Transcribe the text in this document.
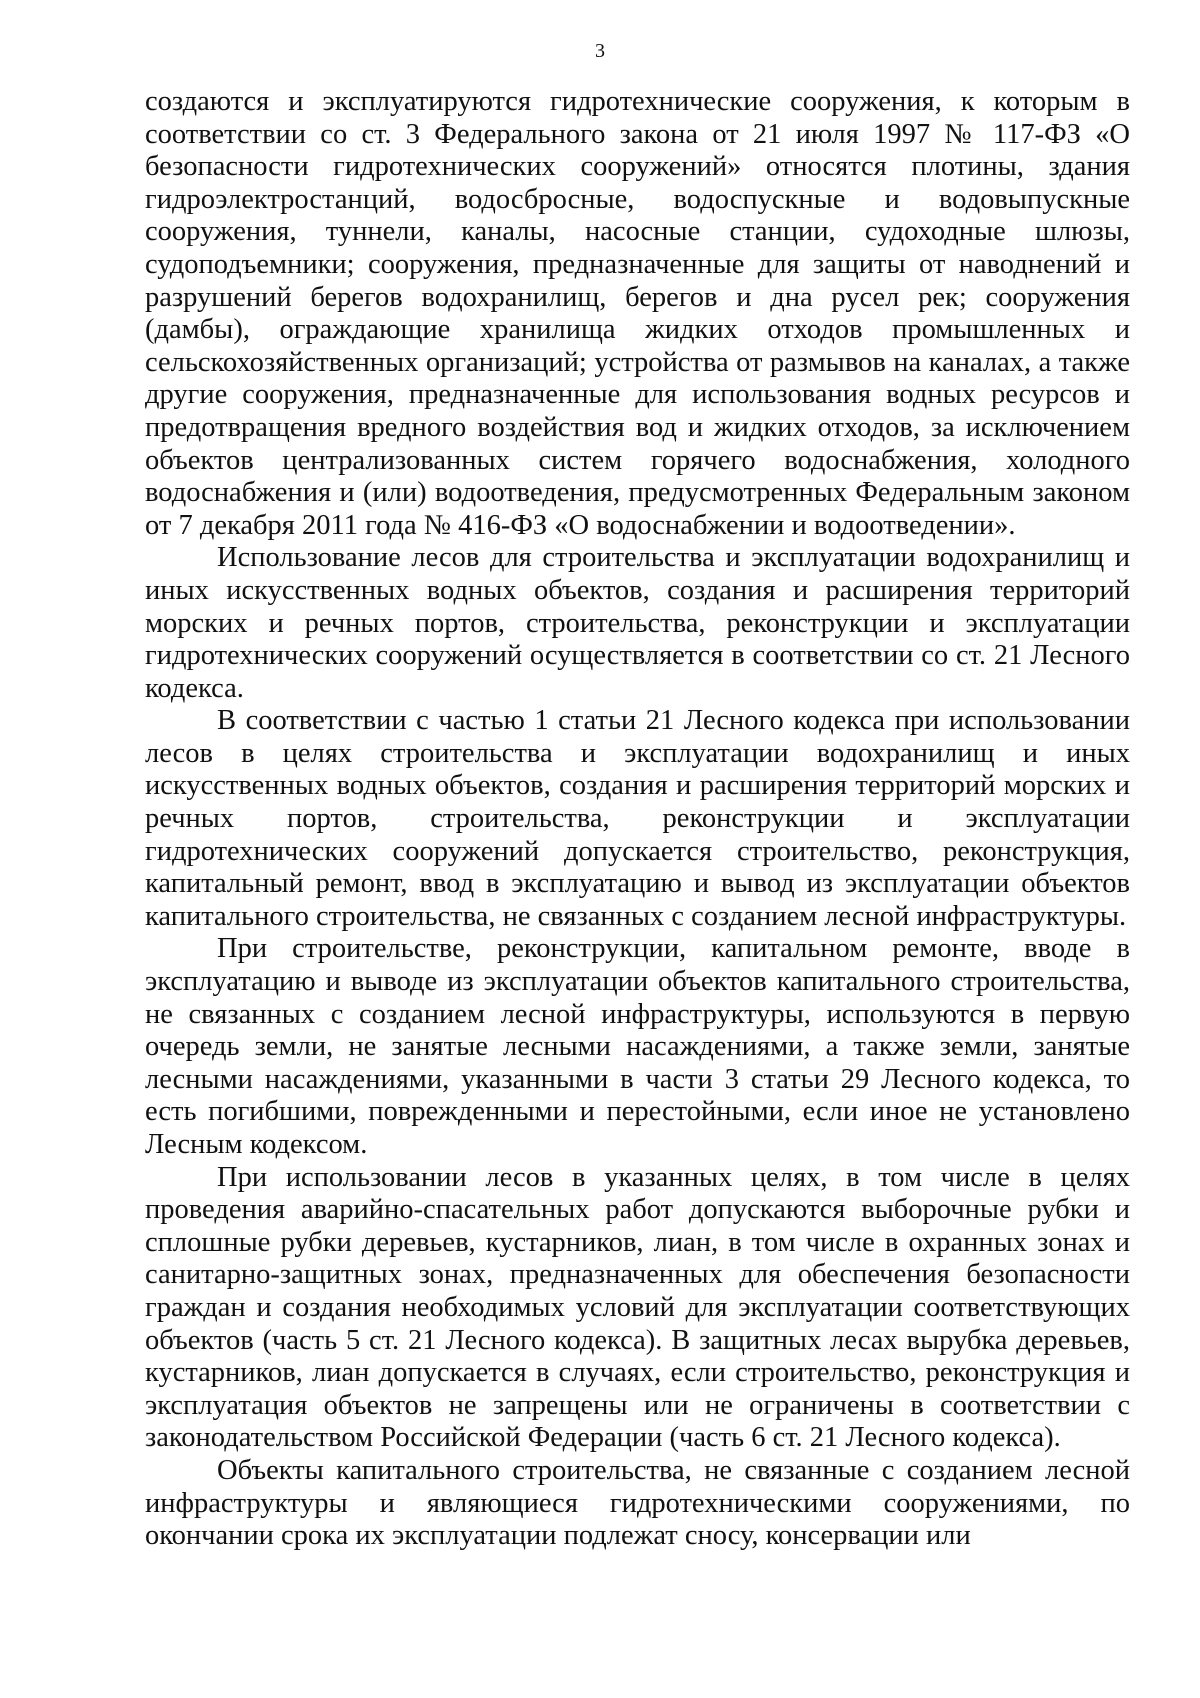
3

создаются и эксплуатируются гидротехнические сооружения, к которым в соответствии со ст. 3 Федерального закона от 21 июля 1997 № 117-ФЗ «О безопасности гидротехнических сооружений» относятся плотины, здания гидроэлектростанций, водосбросные, водоспускные и водовыпускные сооружения, туннели, каналы, насосные станции, судоходные шлюзы, судоподъемники; сооружения, предназначенные для защиты от наводнений и разрушений берегов водохранилищ, берегов и дна русел рек; сооружения (дамбы), ограждающие хранилища жидких отходов промышленных и сельскохозяйственных организаций; устройства от размывов на каналах, а также другие сооружения, предназначенные для использования водных ресурсов и предотвращения вредного воздействия вод и жидких отходов, за исключением объектов централизованных систем горячего водоснабжения, холодного водоснабжения и (или) водоотведения, предусмотренных Федеральным законом от 7 декабря 2011 года № 416-ФЗ «О водоснабжении и водоотведении».

Использование лесов для строительства и эксплуатации водохранилищ и иных искусственных водных объектов, создания и расширения территорий морских и речных портов, строительства, реконструкции и эксплуатации гидротехнических сооружений осуществляется в соответствии со ст. 21 Лесного кодекса.

В соответствии с частью 1 статьи 21 Лесного кодекса при использовании лесов в целях строительства и эксплуатации водохранилищ и иных искусственных водных объектов, создания и расширения территорий морских и речных портов, строительства, реконструкции и эксплуатации гидротехнических сооружений допускается строительство, реконструкция, капитальный ремонт, ввод в эксплуатацию и вывод из эксплуатации объектов капитального строительства, не связанных с созданием лесной инфраструктуры.

При строительстве, реконструкции, капитальном ремонте, вводе в эксплуатацию и выводе из эксплуатации объектов капитального строительства, не связанных с созданием лесной инфраструктуры, используются в первую очередь земли, не занятые лесными насаждениями, а также земли, занятые лесными насаждениями, указанными в части 3 статьи 29 Лесного кодекса, то есть погибшими, поврежденными и перестойными, если иное не установлено Лесным кодексом.

При использовании лесов в указанных целях, в том числе в целях проведения аварийно-спасательных работ допускаются выборочные рубки и сплошные рубки деревьев, кустарников, лиан, в том числе в охранных зонах и санитарно-защитных зонах, предназначенных для обеспечения безопасности граждан и создания необходимых условий для эксплуатации соответствующих объектов (часть 5 ст. 21 Лесного кодекса). В защитных лесах вырубка деревьев, кустарников, лиан допускается в случаях, если строительство, реконструкция и эксплуатация объектов не запрещены или не ограничены в соответствии с законодательством Российской Федерации (часть 6 ст. 21 Лесного кодекса).

Объекты капитального строительства, не связанные с созданием лесной инфраструктуры и являющиеся гидротехническими сооружениями, по окончании срока их эксплуатации подлежат сносу, консервации или
